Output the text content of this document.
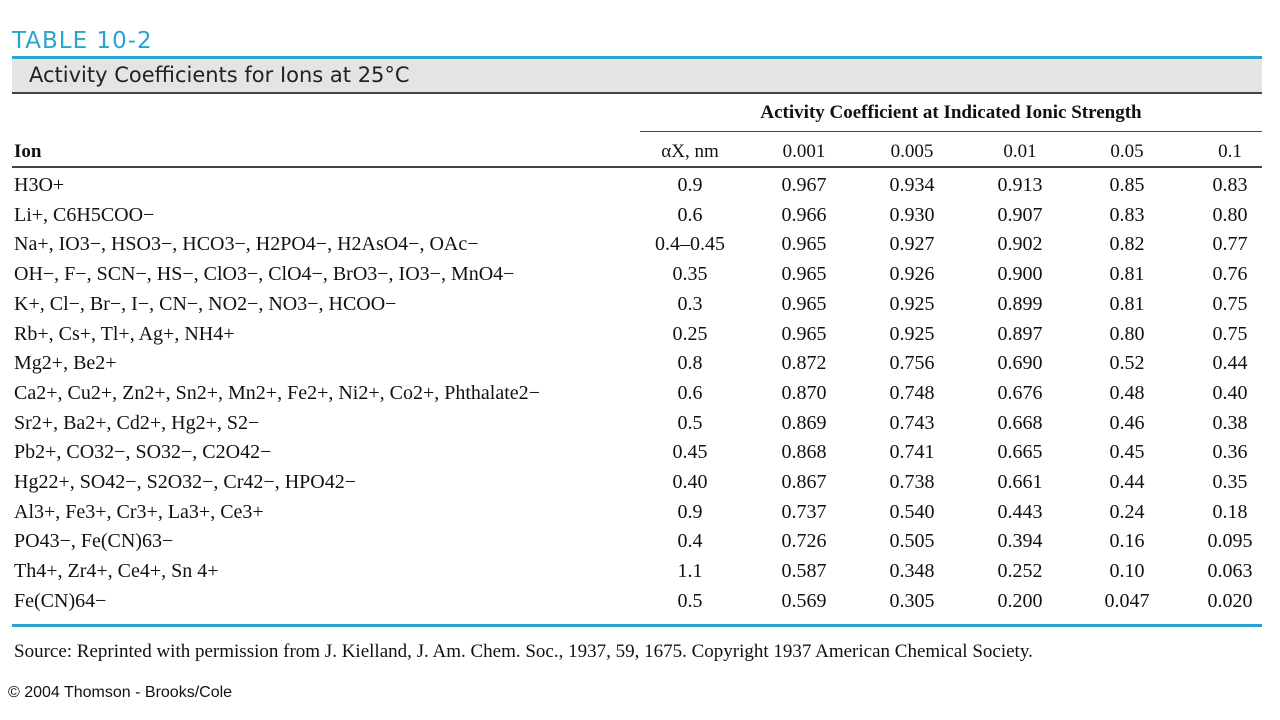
TABLE 10-2
Activity Coefficients for Ions at 25°C
Activity Coefficient at Indicated Ionic Strength
Ion	αX, nm	0.001	0.005	0.01	0.05	0.1
H3O+	0.9	0.967	0.934	0.913	0.85	0.83
Li+, C6H5COO−	0.6	0.966	0.930	0.907	0.83	0.80
Na+, IO3−, HSO3−, HCO3−, H2PO4−, H2AsO4−, OAc−	0.4–0.45	0.965	0.927	0.902	0.82	0.77
OH−, F−, SCN−, HS−, ClO3−, ClO4−, BrO3−, IO3−, MnO4−	0.35	0.965	0.926	0.900	0.81	0.76
K+, Cl−, Br−, I−, CN−, NO2−, NO3−, HCOO−	0.3	0.965	0.925	0.899	0.81	0.75
Rb+, Cs+, Tl+, Ag+, NH4+	0.25	0.965	0.925	0.897	0.80	0.75
Mg2+, Be2+	0.8	0.872	0.756	0.690	0.52	0.44
Ca2+, Cu2+, Zn2+, Sn2+, Mn2+, Fe2+, Ni2+, Co2+, Phthalate2−	0.6	0.870	0.748	0.676	0.48	0.40
Sr2+, Ba2+, Cd2+, Hg2+, S2−	0.5	0.869	0.743	0.668	0.46	0.38
Pb2+, CO32−, SO32−, C2O42−	0.45	0.868	0.741	0.665	0.45	0.36
Hg22+, SO42−, S2O32−, Cr42−, HPO42−	0.40	0.867	0.738	0.661	0.44	0.35
Al3+, Fe3+, Cr3+, La3+, Ce3+	0.9	0.737	0.540	0.443	0.24	0.18
PO43−, Fe(CN)63−	0.4	0.726	0.505	0.394	0.16	0.095
Th4+, Zr4+, Ce4+, Sn 4+	1.1	0.587	0.348	0.252	0.10	0.063
Fe(CN)64−	0.5	0.569	0.305	0.200	0.047	0.020
Source: Reprinted with permission from J. Kielland, J. Am. Chem. Soc., 1937, 59, 1675. Copyright 1937 American Chemical Society.
© 2004 Thomson - Brooks/Cole
